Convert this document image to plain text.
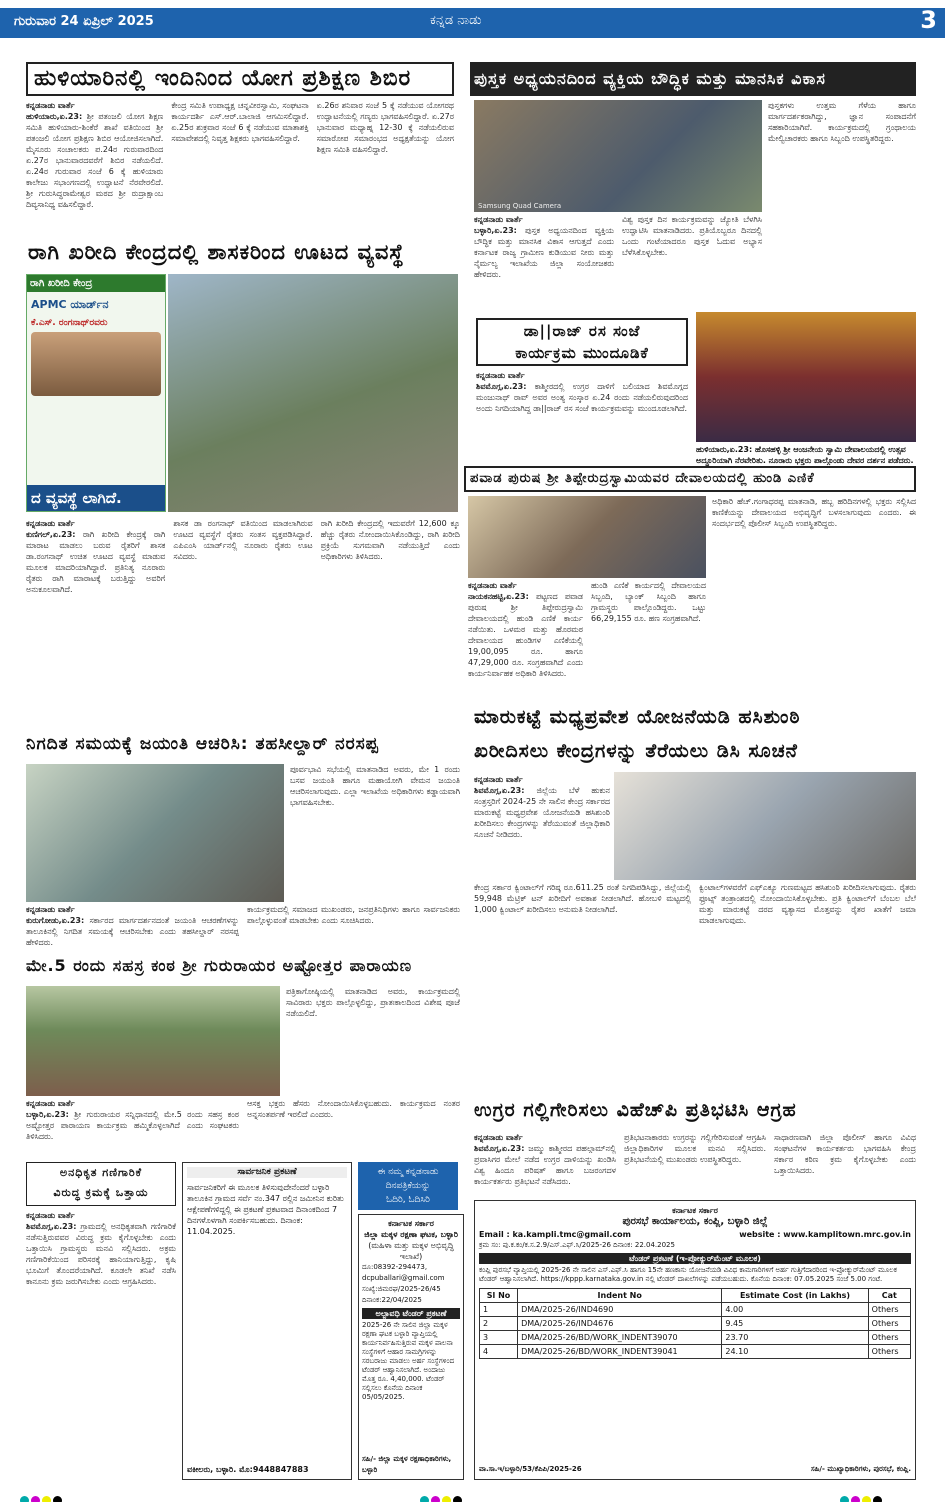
ಗುರುವಾರ 24 ಏಪ್ರಿಲ್ 2025	ಕನ್ನಡ ನಾಡು	3
ಹುಳಿಯಾರಿನಲ್ಲಿ ಇಂದಿನಿಂದ ಯೋಗ ಪ್ರಶಿಕ್ಷಣ ಶಿಬಿರ
ಕನ್ನಡನಾಡು ವಾರ್ತೆ
ಹುಳಿಯಾರು,ಏ.23: ಶ್ರೀ ಪತಂಜಲಿ ಯೋಗ ಶಿಕ್ಷಣ ಸಮಿತಿ ಹುಳಿಯಾರು-ಶಿಂಕೆರೆ ಶಾಖೆ ವತಿಯಿಂದ ಶ್ರೀ ಪತಂಜಲಿ ಯೋಗ ಪ್ರಶಿಕ್ಷಣ ಶಿಬಿರ ಆಯೋಜಿಸಲಾಗಿದೆ. ಮೈಸೂರು ಸಂಚಾಲಕರು ಪ.24ರ ಗುರುವಾರದಿಂದ ಏ.27ರ ಭಾನುವಾರದವರೆಗೆ ಶಿಬಿರ ನಡೆಯಲಿದೆ. ಏ.24ರ ಗುರುವಾರ ಸಂಜೆ 6 ಕ್ಕೆ ಹುಳಿಯಾರು ಕಾಲೇಜು ಸಭಾಂಗಣದಲ್ಲಿ ಉದ್ಘಾಟನೆ ನೆರವೇರಲಿದೆ. ಶ್ರೀ ಗುರುಸಿದ್ಧರಾಮೇಶ್ವರ ಮಠದ ಶ್ರೀ ರುದ್ರಾಕ್ಷಾಂಬ ದಿವ್ಯಸಾನಿಧ್ಯ ವಹಿಸಲಿದ್ದಾರೆ.
ಕೇಂದ್ರ ಸಮಿತಿ ಉಪಾಧ್ಯಕ್ಷ ಚನ್ನವೀರಸ್ವಾಮಿ, ಸಂಘಟನಾ ಕಾರ್ಯದರ್ಶಿ ಎಸ್.ಆರ್.ಬಾಲಾಜಿ ಆಗಮಿಸಲಿದ್ದಾರೆ. ಏ.25ರ ಶುಕ್ರವಾರ ಸಂಜೆ 6 ಕ್ಕೆ ನಡೆಯುವ ಮಾತಾಶಕ್ತಿ ಸಮಾವೇಶದಲ್ಲಿ ನಿವೃತ್ತ ಶಿಕ್ಷಕರು ಭಾಗವಹಿಸಲಿದ್ದಾರೆ.
ಏ.26ರ ಶನಿವಾರ ಸಂಜೆ 5 ಕ್ಕೆ ನಡೆಯುವ ಯೋಗರಥ ಉದ್ಘಾಟನೆಯಲ್ಲಿ ಗಣ್ಯರು ಭಾಗವಹಿಸಲಿದ್ದಾರೆ. ಏ.27ರ ಭಾನುವಾರ ಮಧ್ಯಾಹ್ನ 12-30 ಕ್ಕೆ ನಡೆಯಲಿರುವ ಸಮಾರೋಪ ಸಮಾರಂಭದ ಅಧ್ಯಕ್ಷತೆಯನ್ನು ಯೋಗ ಶಿಕ್ಷಣ ಸಮಿತಿ ವಹಿಸಲಿದ್ದಾರೆ.
ಪುಸ್ತಕ ಅಧ್ಯಯನದಿಂದ ವ್ಯಕ್ತಿಯ ಬೌದ್ಧಿಕ ಮತ್ತು ಮಾನಸಿಕ ವಿಕಾಸ
Samsung Quad Camera
ಕನ್ನಡನಾಡು ವಾರ್ತೆ
ಬಳ್ಳಾರಿ,ಏ.23: ಪುಸ್ತಕ ಅಧ್ಯಯನದಿಂದ ವ್ಯಕ್ತಿಯ ಬೌದ್ಧಿಕ ಮತ್ತು ಮಾನಸಿಕ ವಿಕಾಸ ಆಗುತ್ತದೆ ಎಂದು ಕರ್ನಾಟಕ ರಾಜ್ಯ ಗ್ರಾಮೀಣ ಕುಡಿಯುವ ನೀರು ಮತ್ತು ನೈರ್ಮಲ್ಯ ಇಲಾಖೆಯ ಜಿಲ್ಲಾ ಸಂಯೋಜಕರು ಹೇಳಿದರು.
ವಿಶ್ವ ಪುಸ್ತಕ ದಿನ ಕಾರ್ಯಕ್ರಮವನ್ನು ಜ್ಯೋತಿ ಬೆಳಗಿಸಿ ಉದ್ಘಾಟಿಸಿ ಮಾತನಾಡಿದರು. ಪ್ರತಿಯೊಬ್ಬರೂ ದಿನದಲ್ಲಿ ಒಂದು ಗಂಟೆಯಾದರೂ ಪುಸ್ತಕ ಓದುವ ಅಭ್ಯಾಸ ಬೆಳೆಸಿಕೊಳ್ಳಬೇಕು.
ಪುಸ್ತಕಗಳು ಉತ್ತಮ ಗೆಳೆಯ ಹಾಗೂ ಮಾರ್ಗದರ್ಶಕರಾಗಿದ್ದು, ಜ್ಞಾನ ಸಂಪಾದನೆಗೆ ಸಹಕಾರಿಯಾಗಿವೆ. ಕಾರ್ಯಕ್ರಮದಲ್ಲಿ ಗ್ರಂಥಾಲಯ ಮೇಲ್ವಿಚಾರಕರು ಹಾಗೂ ಸಿಬ್ಬಂದಿ ಉಪಸ್ಥಿತರಿದ್ದರು.
ರಾಗಿ ಖರೀದಿ ಕೇಂದ್ರದಲ್ಲಿ ಶಾಸಕರಿಂದ ಊಟದ ವ್ಯವಸ್ಥೆ
ರಾಗಿ ಖರೀದಿ ಕೇಂದ್ರ
APMC ಯಾರ್ಡ್‌ನ
ಕೆ.ಎಸ್. ರಂಗನಾಥ್‌ರವರು
ದ ವ್ಯವಸ್ಥೆ ಲಾಗಿದೆ.
ಕನ್ನಡನಾಡು ವಾರ್ತೆ
ಕುಣಿಗಲ್,ಏ.23: ರಾಗಿ ಖರೀದಿ ಕೇಂದ್ರಕ್ಕೆ ರಾಗಿ ಮಾರಾಟ ಮಾಡಲು ಬರುವ ರೈತರಿಗೆ ಶಾಸಕ ಡಾ.ರಂಗನಾಥ್ ಉಚಿತ ಊಟದ ವ್ಯವಸ್ಥೆ ಮಾಡುವ ಮೂಲಕ ಮಾದರಿಯಾಗಿದ್ದಾರೆ. ಪ್ರತಿನಿತ್ಯ ನೂರಾರು ರೈತರು ರಾಗಿ ಮಾರಾಟಕ್ಕೆ ಬರುತ್ತಿದ್ದು ಅವರಿಗೆ ಅನುಕೂಲವಾಗಿದೆ.
ಶಾಸಕ ಡಾ ರಂಗನಾಥ್ ವತಿಯಿಂದ ಮಾಡಲಾಗಿರುವ ಊಟದ ವ್ಯವಸ್ಥೆಗೆ ರೈತರು ಸಂತಸ ವ್ಯಕ್ತಪಡಿಸಿದ್ದಾರೆ. ಎಪಿಎಂಸಿ ಯಾರ್ಡ್‌ನಲ್ಲಿ ನೂರಾರು ರೈತರು ಊಟ ಸವಿದರು.
ರಾಗಿ ಖರೀದಿ ಕೇಂದ್ರದಲ್ಲಿ ಇದುವರೆಗೆ 12,600 ಕ್ಕೂ ಹೆಚ್ಚು ರೈತರು ನೋಂದಾಯಿಸಿಕೊಂಡಿದ್ದು, ರಾಗಿ ಖರೀದಿ ಪ್ರಕ್ರಿಯೆ ಸುಗಮವಾಗಿ ನಡೆಯುತ್ತಿದೆ ಎಂದು ಅಧಿಕಾರಿಗಳು ತಿಳಿಸಿದರು.
ಡಾ||ರಾಜ್ ರಸ ಸಂಜೆ
ಕಾರ್ಯಕ್ರಮ ಮುಂದೂಡಿಕೆ
ಕನ್ನಡನಾಡು ವಾರ್ತೆ
ಶಿವಮೊಗ್ಗ,ಏ.23: ಕಾಶ್ಮೀರದಲ್ಲಿ ಉಗ್ರರ ದಾಳಿಗೆ ಬಲಿಯಾದ ಶಿವಮೊಗ್ಗದ ಮಂಜುನಾಥ್ ರಾವ್ ಅವರ ಅಂತ್ಯ ಸಂಸ್ಕಾರ ಏ.24 ರಂದು ನಡೆಯಲಿರುವುದರಿಂದ ಅಂದು ನಿಗದಿಯಾಗಿದ್ದ ಡಾ||ರಾಜ್ ರಸ ಸಂಜೆ ಕಾರ್ಯಕ್ರಮವನ್ನು ಮುಂದೂಡಲಾಗಿದೆ.
ಹುಳಿಯಾರು,ಏ.23: ಹೊಸಹಳ್ಳಿ ಶ್ರೀ ಆಂಜನೇಯ ಸ್ವಾಮಿ ದೇವಾಲಯದಲ್ಲಿ ಉತ್ಸವ ಅದ್ದೂರಿಯಾಗಿ ನೆರವೇರಿತು. ನೂರಾರು ಭಕ್ತರು ಪಾಲ್ಗೊಂಡು ದೇವರ ದರ್ಶನ ಪಡೆದರು.
ಪವಾಡ ಪುರುಷ ಶ್ರೀ ತಿಪ್ಪೇರುದ್ರಸ್ವಾಮಿಯವರ ದೇವಾಲಯದಲ್ಲಿ ಹುಂಡಿ ಎಣಿಕೆ
ಕನ್ನಡನಾಡು ವಾರ್ತೆ
ನಾಯಕನಹಟ್ಟಿ,ಏ.23: ಪಟ್ಟಣದ ಪವಾಡ ಪುರುಷ ಶ್ರೀ ತಿಪ್ಪೇರುದ್ರಸ್ವಾಮಿ ದೇವಾಲಯದಲ್ಲಿ ಹುಂಡಿ ಎಣಿಕೆ ಕಾರ್ಯ ನಡೆಯಿತು. ಒಳಮಠ ಮತ್ತು ಹೊರಮಠ ದೇವಾಲಯದ ಹುಂಡಿಗಳ ಎಣಿಕೆಯಲ್ಲಿ 19,00,095 ರೂ. ಹಾಗೂ 47,29,000 ರೂ. ಸಂಗ್ರಹವಾಗಿದೆ ಎಂದು ಕಾರ್ಯನಿರ್ವಾಹಕ ಅಧಿಕಾರಿ ತಿಳಿಸಿದರು.
ಹುಂಡಿ ಎಣಿಕೆ ಕಾರ್ಯದಲ್ಲಿ ದೇವಾಲಯದ ಸಿಬ್ಬಂದಿ, ಬ್ಯಾಂಕ್ ಸಿಬ್ಬಂದಿ ಹಾಗೂ ಗ್ರಾಮಸ್ಥರು ಪಾಲ್ಗೊಂಡಿದ್ದರು. ಒಟ್ಟು 66,29,155 ರೂ. ಹಣ ಸಂಗ್ರಹವಾಗಿದೆ.
ಅಧಿಕಾರಿ ಹೆಚ್.ಗಂಗಾಧರಪ್ಪ ಮಾತನಾಡಿ, ಹಬ್ಬ ಹರಿದಿನಗಳಲ್ಲಿ ಭಕ್ತರು ಸಲ್ಲಿಸಿದ ಕಾಣಿಕೆಯನ್ನು ದೇವಾಲಯದ ಅಭಿವೃದ್ಧಿಗೆ ಬಳಸಲಾಗುವುದು ಎಂದರು. ಈ ಸಂದರ್ಭದಲ್ಲಿ ಪೊಲೀಸ್ ಸಿಬ್ಬಂದಿ ಉಪಸ್ಥಿತರಿದ್ದರು.
ಮಾರುಕಟ್ಟೆ ಮಧ್ಯಪ್ರವೇಶ ಯೋಜನೆಯಡಿ ಹಸಿಶುಂಠಿ
ಖರೀದಿಸಲು ಕೇಂದ್ರಗಳನ್ನು ತೆರೆಯಲು ಡಿಸಿ ಸೂಚನೆ
ಕನ್ನಡನಾಡು ವಾರ್ತೆ
ಶಿವಮೊಗ್ಗ,ಏ.23: ಜಿಲ್ಲೆಯ ಬೆಳೆ ಹುಕುನ ಸಂತ್ರಸ್ತರಿಗೆ 2024-25 ನೇ ಸಾಲಿನ ಕೇಂದ್ರ ಸರ್ಕಾರದ ಮಾರುಕಟ್ಟೆ ಮಧ್ಯಪ್ರವೇಶ ಯೋಜನೆಯಡಿ ಹಸಿಶುಂಠಿ ಖರೀದಿಸಲು ಕೇಂದ್ರಗಳನ್ನು ತೆರೆಯುವಂತೆ ಜಿಲ್ಲಾಧಿಕಾರಿ ಸೂಚನೆ ನೀಡಿದರು.
ಕೇಂದ್ರ ಸರ್ಕಾರ ಕ್ವಿಂಟಾಲ್‌ಗೆ ಗರಿಷ್ಠ ರೂ.611.25 ರಂತೆ ನಿಗದಿಪಡಿಸಿದ್ದು, ಜಿಲ್ಲೆಯಲ್ಲಿ 59,948 ಮೆಟ್ರಿಕ್ ಟನ್ ಖರೀದಿಗೆ ಅವಕಾಶ ನೀಡಲಾಗಿದೆ. ಹೋಬಳಿ ಮಟ್ಟದಲ್ಲಿ 1,000 ಕ್ವಿಂಟಾಲ್ ಖರೀದಿಸಲು ಅನುಮತಿ ನೀಡಲಾಗಿದೆ.
ಕ್ವಿಂಟಾಲ್‌ಗಳವರೆಗೆ ಎಫ್‌ಎಕ್ಯೂ ಗುಣಮಟ್ಟದ ಹಸಿಶುಂಠಿ ಖರೀದಿಸಲಾಗುವುದು. ರೈತರು ಫ್ರೂಟ್ಸ್ ತಂತ್ರಾಂಶದಲ್ಲಿ ನೋಂದಾಯಿಸಿಕೊಳ್ಳಬೇಕು. ಪ್ರತಿ ಕ್ವಿಂಟಾಲ್‌ಗೆ ಬೆಂಬಲ ಬೆಲೆ ಮತ್ತು ಮಾರುಕಟ್ಟೆ ದರದ ವ್ಯತ್ಯಾಸದ ಮೊತ್ತವನ್ನು ರೈತರ ಖಾತೆಗೆ ಜಮಾ ಮಾಡಲಾಗುವುದು.
ನಿಗದಿತ ಸಮಯಕ್ಕೆ ಜಯಂತಿ ಆಚರಿಸಿ: ತಹಸೀಲ್ದಾರ್ ನರಸಪ್ಪ
ಪೂರ್ವಭಾವಿ ಸಭೆಯಲ್ಲಿ ಮಾತನಾಡಿದ ಅವರು, ಮೇ 1 ರಂದು ಬಸವ ಜಯಂತಿ ಹಾಗೂ ಮಹಾಯೋಗಿ ವೇಮನ ಜಯಂತಿ ಆಚರಿಸಲಾಗುವುದು. ಎಲ್ಲಾ ಇಲಾಖೆಯ ಅಧಿಕಾರಿಗಳು ಕಡ್ಡಾಯವಾಗಿ ಭಾಗವಹಿಸಬೇಕು.
ಕನ್ನಡನಾಡು ವಾರ್ತೆ
ಕುರುಗೋಡು,ಏ.23: ಸರ್ಕಾರದ ಮಾರ್ಗದರ್ಶನದಂತೆ ಜಯಂತಿ ಆಚರಣೆಗಳನ್ನು ತಾಲೂಕಿನಲ್ಲಿ ನಿಗದಿತ ಸಮಯಕ್ಕೆ ಆಚರಿಸಬೇಕು ಎಂದು ತಹಸೀಲ್ದಾರ್ ನರಸಪ್ಪ ಹೇಳಿದರು.
ಕಾರ್ಯಕ್ರಮದಲ್ಲಿ ಸಮಾಜದ ಮುಖಂಡರು, ಜನಪ್ರತಿನಿಧಿಗಳು ಹಾಗೂ ಸಾರ್ವಜನಿಕರು ಪಾಲ್ಗೊಳ್ಳುವಂತೆ ಮಾಡಬೇಕು ಎಂದು ಸೂಚಿಸಿದರು.
ಮೇ.5 ರಂದು ಸಹಸ್ರ ಕಂಠ ಶ್ರೀ ಗುರುರಾಯರ ಅಷ್ಟೋತ್ತರ ಪಾರಾಯಣ
ಪತ್ರಿಕಾಗೋಷ್ಠಿಯಲ್ಲಿ ಮಾತನಾಡಿದ ಅವರು, ಕಾರ್ಯಕ್ರಮದಲ್ಲಿ ಸಾವಿರಾರು ಭಕ್ತರು ಪಾಲ್ಗೊಳ್ಳಲಿದ್ದು, ಪ್ರಾತಃಕಾಲದಿಂದ ವಿಶೇಷ ಪೂಜೆ ನಡೆಯಲಿದೆ.
ಕನ್ನಡನಾಡು ವಾರ್ತೆ
ಬಳ್ಳಾರಿ,ಏ.23: ಶ್ರೀ ಗುರುರಾಯರ ಸನ್ನಿಧಾನದಲ್ಲಿ ಮೇ.5 ರಂದು ಸಹಸ್ರ ಕಂಠ ಅಷ್ಟೋತ್ತರ ಪಾರಾಯಣ ಕಾರ್ಯಕ್ರಮ ಹಮ್ಮಿಕೊಳ್ಳಲಾಗಿದೆ ಎಂದು ಸಂಘಟಕರು ತಿಳಿಸಿದರು.
ಆಸಕ್ತ ಭಕ್ತರು ಹೆಸರು ನೋಂದಾಯಿಸಿಕೊಳ್ಳಬಹುದು. ಕಾರ್ಯಕ್ರಮದ ನಂತರ ಅನ್ನಸಂತರ್ಪಣೆ ಇರಲಿದೆ ಎಂದರು.	ಉಗ್ರರ ಗಲ್ಲಿಗೇರಿಸಲು ವಿಹೆಚ್‌ಪಿ ಪ್ರತಿಭಟಿಸಿ ಆಗ್ರಹ
ಕನ್ನಡನಾಡು ವಾರ್ತೆ
ಶಿವಮೊಗ್ಗ,ಏ.23: ಜಮ್ಮು ಕಾಶ್ಮೀರದ ಪಹಲ್ಗಾಮ್‌ನಲ್ಲಿ ಪ್ರವಾಸಿಗರ ಮೇಲೆ ನಡೆದ ಉಗ್ರರ ದಾಳಿಯನ್ನು ಖಂಡಿಸಿ ವಿಶ್ವ ಹಿಂದೂ ಪರಿಷತ್ ಹಾಗೂ ಬಜರಂಗದಳ ಕಾರ್ಯಕರ್ತರು ಪ್ರತಿಭಟನೆ ನಡೆಸಿದರು.
ಪ್ರತಿಭಟನಾಕಾರರು ಉಗ್ರರನ್ನು ಗಲ್ಲಿಗೇರಿಸುವಂತೆ ಆಗ್ರಹಿಸಿ ಜಿಲ್ಲಾಧಿಕಾರಿಗಳ ಮೂಲಕ ಮನವಿ ಸಲ್ಲಿಸಿದರು. ಪ್ರತಿಭಟನೆಯಲ್ಲಿ ಮುಖಂಡರು ಉಪಸ್ಥಿತರಿದ್ದರು.
ಸಾಧಾರಣವಾಗಿ ಜಿಲ್ಲಾ ಪೊಲೀಸ್ ಹಾಗೂ ವಿವಿಧ ಸಂಘಟನೆಗಳ ಕಾರ್ಯಕರ್ತರು ಭಾಗವಹಿಸಿ ಕೇಂದ್ರ ಸರ್ಕಾರ ಕಠಿಣ ಕ್ರಮ ಕೈಗೊಳ್ಳಬೇಕು ಎಂದು ಒತ್ತಾಯಿಸಿದರು.
ಅನಧಿಕೃತ ಗಣಿಗಾರಿಕೆ
ವಿರುದ್ಧ ಕ್ರಮಕ್ಕೆ ಒತ್ತಾಯ
ಕನ್ನಡನಾಡು ವಾರ್ತೆ
ಶಿವಮೊಗ್ಗ,ಏ.23: ಗ್ರಾಮದಲ್ಲಿ ಅನಧಿಕೃತವಾಗಿ ಗಣಿಗಾರಿಕೆ ನಡೆಸುತ್ತಿರುವವರ ವಿರುದ್ಧ ಕ್ರಮ ಕೈಗೊಳ್ಳಬೇಕು ಎಂದು ಒತ್ತಾಯಿಸಿ ಗ್ರಾಮಸ್ಥರು ಮನವಿ ಸಲ್ಲಿಸಿದರು. ಅಕ್ರಮ ಗಣಿಗಾರಿಕೆಯಿಂದ ಪರಿಸರಕ್ಕೆ ಹಾನಿಯಾಗುತ್ತಿದ್ದು, ಕೃಷಿ ಭೂಮಿಗೆ ತೊಂದರೆಯಾಗಿದೆ. ಕೂಡಲೇ ತನಿಖೆ ನಡೆಸಿ ಕಾನೂನು ಕ್ರಮ ಜರುಗಿಸಬೇಕು ಎಂದು ಆಗ್ರಹಿಸಿದರು.
ಸಾರ್ವಜನಿಕ ಪ್ರಕಟಣೆ
ಸಾರ್ವಜನಿಕರಿಗೆ ಈ ಮೂಲಕ ತಿಳಿಸುವುದೇನೆಂದರೆ ಬಳ್ಳಾರಿ ತಾಲೂಕಿನ ಗ್ರಾಮದ ಸರ್ವೆ ನಂ.347 ರಲ್ಲಿನ ಜಮೀನಿನ ಕುರಿತು ಆಕ್ಷೇಪಣೆಗಳಿದ್ದಲ್ಲಿ ಈ ಪ್ರಕಟಣೆ ಪ್ರಕಟವಾದ ದಿನಾಂಕದಿಂದ 7 ದಿನಗಳೊಳಗಾಗಿ ಸಂಪರ್ಕಿಸಬಹುದು. ದಿನಾಂಕ: 11.04.2025.
ವಕೀಲರು, ಬಳ್ಳಾರಿ. ಮೊ:9448847883
ಈ ನಮ್ಮ ಕನ್ನಡನಾಡು
ದಿನಪತ್ರಿಕೆಯನ್ನು
ಓದಿರಿ, ಓದಿಸಿರಿ
ಕರ್ನಾಟಕ ಸರ್ಕಾರ
ಜಿಲ್ಲಾ ಮಕ್ಕಳ ರಕ್ಷಣಾ ಘಟಕ, ಬಳ್ಳಾರಿ
(ಮಹಿಳಾ ಮತ್ತು ಮಕ್ಕಳ ಅಭಿವೃದ್ಧಿ ಇಲಾಖೆ)
ದೂ:08392-294473, dcpuballari@gmail.com
ಸಂಖ್ಯೆ:ಜಿಮರಘ/2025-26/45 ದಿನಾಂಕ:22/04/2025
ಅಲ್ಪಾವಧಿ ಟೆಂಡರ್ ಪ್ರಕಟಣೆ
2025-26 ನೇ ಸಾಲಿನ ಜಿಲ್ಲಾ ಮಕ್ಕಳ ರಕ್ಷಣಾ ಘಟಕ ಬಳ್ಳಾರಿ ವ್ಯಾಪ್ತಿಯಲ್ಲಿ ಕಾರ್ಯನಿರ್ವಹಿಸುತ್ತಿರುವ ಮಕ್ಕಳ ಪಾಲನಾ ಸಂಸ್ಥೆಗಳಿಗೆ ಆಹಾರ ಸಾಮಗ್ರಿಗಳನ್ನು ಸರಬರಾಜು ಮಾಡಲು ಅರ್ಹ ಸಂಸ್ಥೆಗಳಿಂದ ಟೆಂಡರ್ ಆಹ್ವಾನಿಸಲಾಗಿದೆ. ಅಂದಾಜು ಮೊತ್ತ ರೂ. 4,40,000. ಟೆಂಡರ್ ಸಲ್ಲಿಸಲು ಕೊನೆಯ ದಿನಾಂಕ 05/05/2025.
ಸಹಿ/- ಜಿಲ್ಲಾ ಮಕ್ಕಳ ರಕ್ಷಣಾಧಿಕಾರಿಗಳು, ಬಳ್ಳಾರಿ
ಕರ್ನಾಟಕ ಸರ್ಕಾರ
ಪುರಸಭೆ ಕಾರ್ಯಾಲಯ, ಕಂಪ್ಲಿ, ಬಳ್ಳಾರಿ ಜಿಲ್ಲೆ
Email : ka.kampli.tmc@gmail.com	website : www.kamplitown.mrc.gov.in
ಕ್ರಮ ಸಂ: ಪು.ಕ.ಕಂ/ಕ.ಸ.2.9/ಎಸ್.ಎಫ್.ಸಿ/2025-26 ದಿನಾಂಕ: 22.04.2025
ಟೆಂಡರ್ ಪ್ರಕಟಣೆ (ಇ-ಪ್ರೋಕ್ಯುರ್‌ಮೆಂಟ್ ಮೂಲಕ)
ಕಂಪ್ಲಿ ಪುರಸಭೆ ವ್ಯಾಪ್ತಿಯಲ್ಲಿ 2025-26 ನೇ ಸಾಲಿನ ಎಸ್.ಎಫ್.ಸಿ ಹಾಗೂ 15ನೇ ಹಣಕಾಸು ಯೋಜನೆಯಡಿ ವಿವಿಧ ಕಾಮಗಾರಿಗಳಿಗೆ ಅರ್ಹ ಗುತ್ತಿಗೆದಾರರಿಂದ ಇ-ಪ್ರೋಕ್ಯುರ್‌ಮೆಂಟ್ ಮೂಲಕ ಟೆಂಡರ್ ಆಹ್ವಾನಿಸಲಾಗಿದೆ. https://kppp.karnataka.gov.in ನಲ್ಲಿ ಟೆಂಡರ್ ದಾಖಲೆಗಳನ್ನು ಪಡೆಯಬಹುದು. ಕೊನೆಯ ದಿನಾಂಕ: 07.05.2025 ಸಂಜೆ 5.00 ಗಂಟೆ.
Sl No	Indent No	Estimate Cost (in Lakhs)	Cat
1	DMA/2025-26/IND4690	4.00	Others
2	DMA/2025-26/IND4676	9.45	Others
3	DMA/2025-26/BD/WORK_INDENT39070	23.70	Others
4	DMA/2025-26/BD/WORK_INDENT39041	24.10	Others
ವಾ.ಸಾ.ಇ/ಬಳ್ಳಾರಿ/53/ಕೆಪಿಪಿ/2025-26	ಸಹಿ/- ಮುಖ್ಯಾಧಿಕಾರಿಗಳು, ಪುರಸಭೆ, ಕಂಪ್ಲಿ.
